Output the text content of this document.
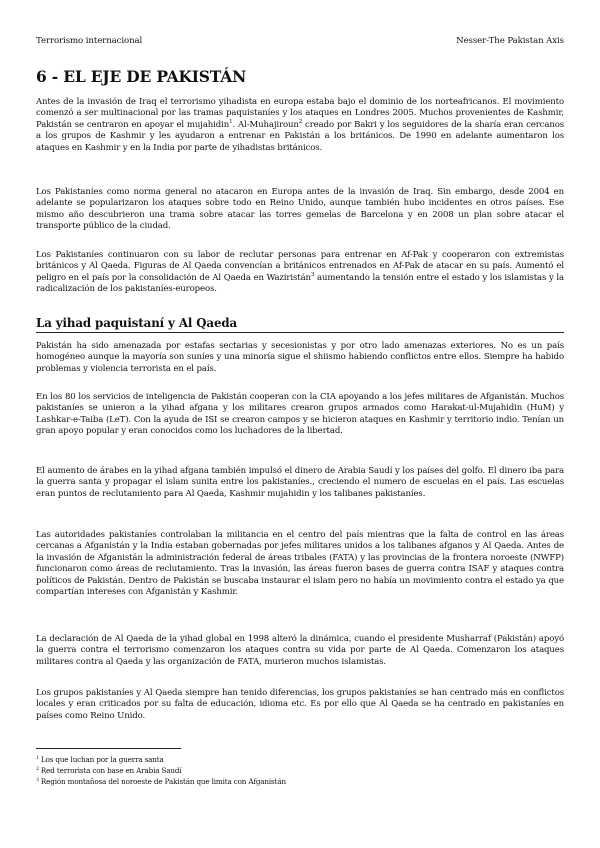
Terrorismo internacional	Nesser-The Pakistan Axis
6 - EL EJE DE PAKISTÁN

Antes de la invasión de Iraq el terrorismo yihadista en europa estaba bajo el dominio de los norteafricanos. El movimiento comenzó a ser multinacional por las tramas paquistaníes y los ataques en Londres 2005. Muchos provenientes de Kashmir, Pakistán se centraron en apoyar el mujahidin$^1$. Al-Muhajiroun$^2$ creado por Bakri y los seguidores de la sharía eran cercanos a los grupos de Kashmir y les ayudaron a entrenar en Pakistán a los británicos. De 1990 en adelante aumentaron los ataques en Kashmir y en la India por parte de yihadistas británicos.

Los Pakistaníes como norma general no atacaron en Europa antes de la invasión de Iraq. Sin embargo, desde 2004 en adelante se popularizaron los ataques sobre todo en Reino Unido, aunque también hubo incidentes en otros países. Ese mismo año descubrieron una trama sobre atacar las torres gemelas de Barcelona y en 2008 un plan sobre atacar el transporte público de la ciudad.

Los Pakistaníes continuaron con su labor de reclutar personas para entrenar en Af-Pak y cooperaron con extremistas británicos y Al Qaeda. Figuras de Al Qaeda convencían a británicos entrenados en Af-Pak de atacar en su país. Aumentó el peligro en el país por la consolidación de Al Qaeda en Waziristán$^3$ aumentando la tensión entre el estado y los islamistas y la radicalización de los pakistaníes-europeos.

La yihad paquistaní y Al Qaeda

Pakistán ha sido amenazada por estafas sectarias y secesionistas y por otro lado amenazas exteriores. No es un país homogéneo aunque la mayoría son suníes y una minoría sigue el shiismo habiendo conflictos entre ellos. Siempre ha habido problemas y violencia terrorista en el país.

En los 80 los servicios de inteligencia de Pakistán cooperan con la CIA apoyando a los jefes militares de Afganistán. Muchos pakistaníes se unieron a la yihad afgana y los militares crearon grupos armados como Harakat-ul-Mujahidin (HuM) y Lashkar-e-Taiba (LeT). Con la ayuda de ISI se crearon campos y se hicieron ataques en Kashmir y territorio indio. Tenían un gran apoyo popular y eran conocidos como los luchadores de la libertad.

El aumento de árabes en la yihad afgana también impulsó el dinero de Arabia Saudí y los países del golfo. El dinero iba para la guerra santa y propagar el islam sunita entre los pakistaníes., creciendo el numero de escuelas en el país. Las escuelas eran puntos de reclutamiento para Al Qaeda, Kashmir mujahidin y los talibanes pakistaníes.

Las autoridades pakistaníes controlaban la militancia en el centro del país mientras que la falta de control en las áreas cercanas a Afganistán y la India estaban gobernadas por jefes militares unidos a los talibanes afganos y Al Qaeda. Antes de la invasión de Afganistán la administración federal de áreas tribales (FATA) y las provincias de la frontera noroeste (NWFP) funcionaron como áreas de reclutamiento. Tras la invasión, las áreas fueron bases de guerra contra ISAF y ataques contra políticos de Pakistán. Dentro de Pakistán se buscaba instaurar el islam pero no había un movimiento contra el estado ya que compartían intereses con Afganistán y Kashmir.

La declaración de Al Qaeda de la yihad global en 1998 alteró la dinámica, cuando el presidente Musharraf (Pakistán) apoyó la guerra contra el terrorismo comenzaron los ataques contra su vida por parte de Al Qaeda. Comenzaron los ataques militares contra al Qaeda y las organización de FATA, murieron muchos islamistas.

Los grupos pakistaníes y Al Qaeda siempre han tenido diferencias, los grupos pakistaníes se han centrado más en conflictos locales y eran criticados por su falta de educación, idioma etc. Es por ello que Al Qaeda se ha centrado en pakistaníes en países como Reino Unido.

$^1$ Los que luchan por la guerra santa
$^2$ Red terrorista con base en Arabia Saudí
$^3$ Región montañosa del noroeste de Pakistán que limita con Afganistán
